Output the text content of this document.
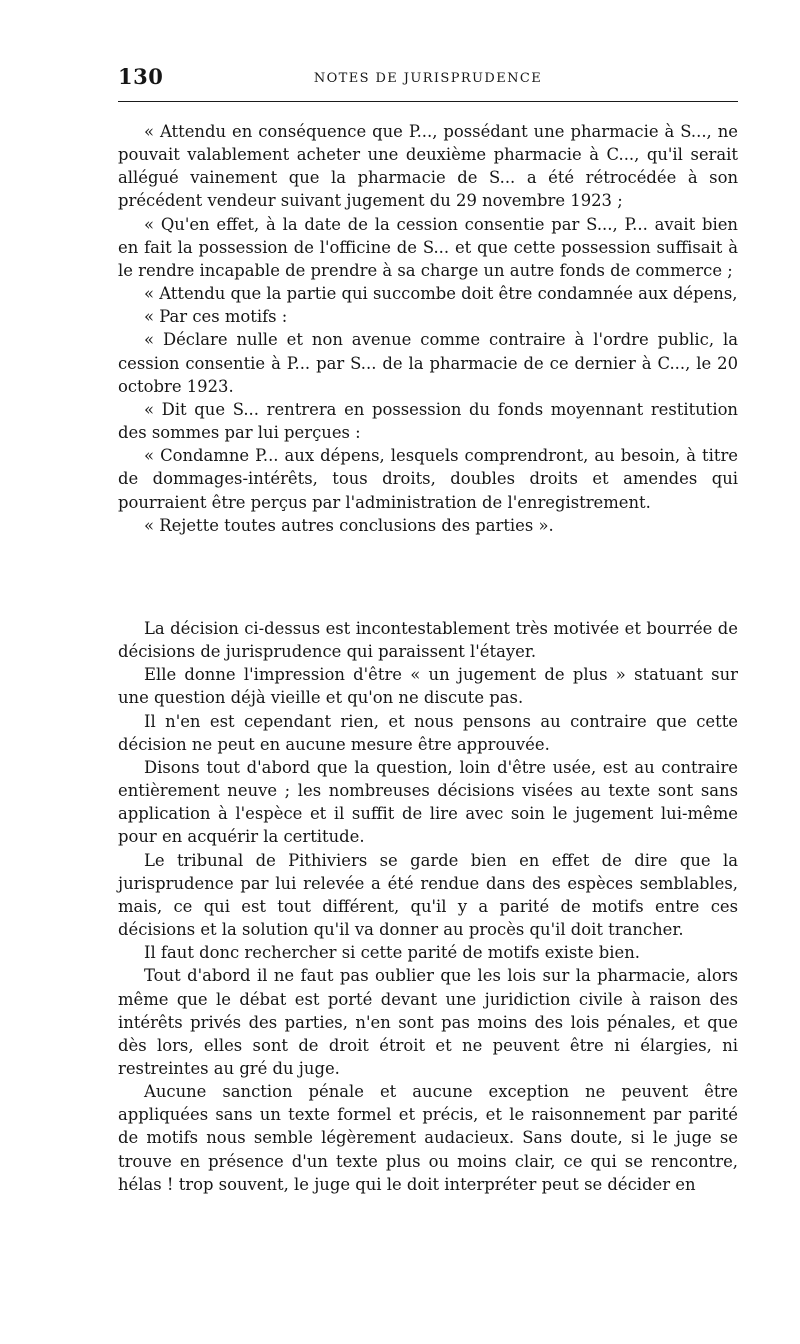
130	NOTES DE JURISPRUDENCE

« Attendu en conséquence que P..., possédant une pharmacie à S..., ne pouvait valablement acheter une deuxième pharmacie à C..., qu'il serait allégué vainement que la pharmacie de S... a été rétrocédée à son précédent vendeur suivant jugement du 29 novembre 1923 ;

« Qu'en effet, à la date de la cession consentie par S..., P... avait bien en fait la possession de l'officine de S... et que cette possession suffisait à le rendre incapable de prendre à sa charge un autre fonds de commerce ;

« Attendu que la partie qui succombe doit être condamnée aux dépens,

« Par ces motifs :

« Déclare nulle et non avenue comme contraire à l'ordre public, la cession consentie à P... par S... de la pharmacie de ce dernier à C..., le 20 octobre 1923.

« Dit que S... rentrera en possession du fonds moyennant restitution des sommes par lui perçues :

« Condamne P... aux dépens, lesquels comprendront, au besoin, à titre de dommages-intérêts, tous droits, doubles droits et amendes qui pourraient être perçus par l'administration de l'enregistrement.

« Rejette toutes autres conclusions des parties ».

La décision ci-dessus est incontestablement très motivée et bourrée de décisions de jurisprudence qui paraissent l'étayer.

Elle donne l'impression d'être « un jugement de plus » statuant sur une question déjà vieille et qu'on ne discute pas.

Il n'en est cependant rien, et nous pensons au contraire que cette décision ne peut en aucune mesure être approuvée.

Disons tout d'abord que la question, loin d'être usée, est au contraire entièrement neuve ; les nombreuses décisions visées au texte sont sans application à l'espèce et il suffit de lire avec soin le jugement lui-même pour en acquérir la certitude.

Le tribunal de Pithiviers se garde bien en effet de dire que la jurisprudence par lui relevée a été rendue dans des espèces semblables, mais, ce qui est tout différent, qu'il y a parité de motifs entre ces décisions et la solution qu'il va donner au procès qu'il doit trancher.

Il faut donc rechercher si cette parité de motifs existe bien.

Tout d'abord il ne faut pas oublier que les lois sur la pharmacie, alors même que le débat est porté devant une juridiction civile à raison des intérêts privés des parties, n'en sont pas moins des lois pénales, et que dès lors, elles sont de droit étroit et ne peuvent être ni élargies, ni restreintes au gré du juge.

Aucune sanction pénale et aucune exception ne peuvent être appliquées sans un texte formel et précis, et le raisonnement par parité de motifs nous semble légèrement audacieux. Sans doute, si le juge se trouve en présence d'un texte plus ou moins clair, ce qui se rencontre, hélas ! trop souvent, le juge qui le doit interpréter peut se décider en
